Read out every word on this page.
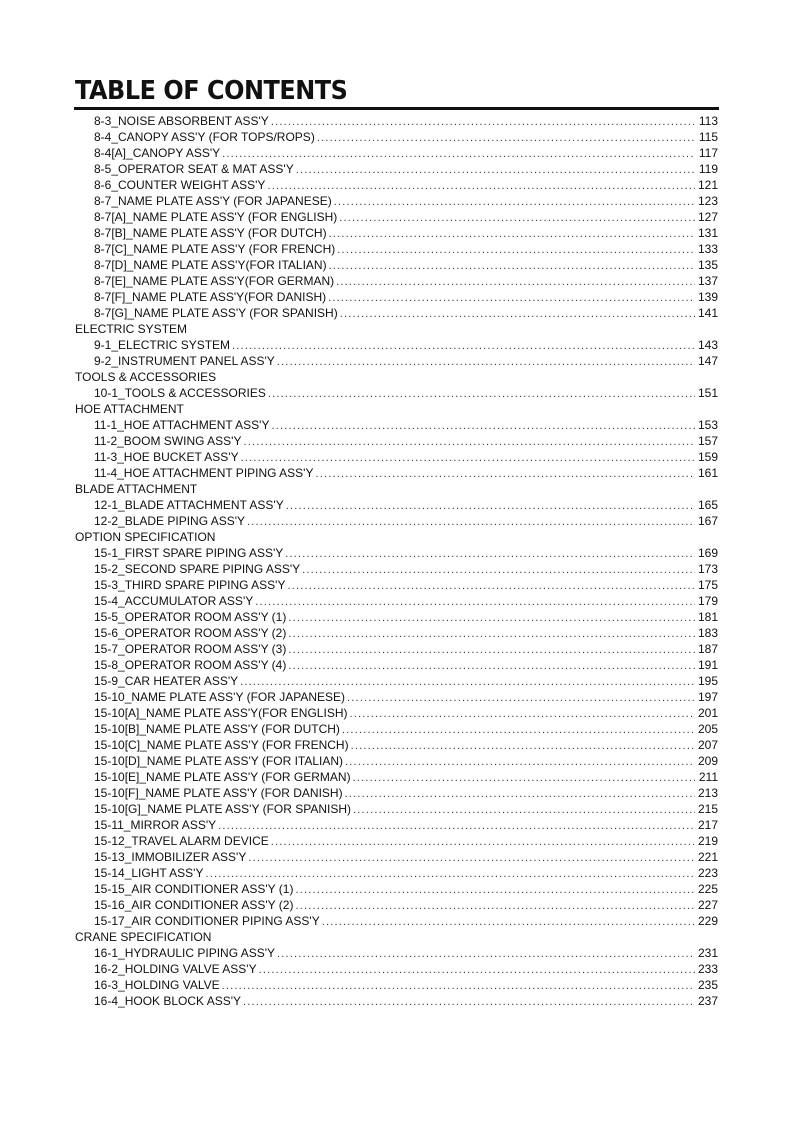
TABLE OF CONTENTS
8-3_NOISE ABSORBENT ASS'Y .....	113
8-4_CANOPY ASS'Y (FOR TOPS/ROPS) .....	115
8-4[A]_CANOPY ASS'Y .....	117
8-5_OPERATOR SEAT & MAT ASS'Y .....	119
8-6_COUNTER WEIGHT ASS'Y .....	121
8-7_NAME PLATE ASS'Y (FOR JAPANESE) .....	123
8-7[A]_NAME PLATE ASS'Y (FOR ENGLISH) .....	127
8-7[B]_NAME PLATE ASS'Y (FOR DUTCH) .....	131
8-7[C]_NAME PLATE ASS'Y (FOR FRENCH) .....	133
8-7[D]_NAME PLATE ASS'Y(FOR ITALIAN) .....	135
8-7[E]_NAME PLATE ASS'Y(FOR GERMAN) .....	137
8-7[F]_NAME PLATE ASS'Y(FOR DANISH) .....	139
8-7[G]_NAME PLATE ASS'Y (FOR SPANISH) .....	141
ELECTRIC SYSTEM
9-1_ELECTRIC SYSTEM .....	143
9-2_INSTRUMENT PANEL ASS'Y .....	147
TOOLS & ACCESSORIES
10-1_TOOLS & ACCESSORIES .....	151
HOE ATTACHMENT
11-1_HOE ATTACHMENT ASS'Y .....	153
11-2_BOOM SWING ASS'Y .....	157
11-3_HOE BUCKET ASS'Y .....	159
11-4_HOE ATTACHMENT PIPING ASS'Y .....	161
BLADE ATTACHMENT
12-1_BLADE ATTACHMENT ASS'Y .....	165
12-2_BLADE PIPING ASS'Y .....	167
OPTION SPECIFICATION
15-1_FIRST SPARE PIPING ASS'Y .....	169
15-2_SECOND SPARE PIPING ASS'Y .....	173
15-3_THIRD SPARE PIPING ASS'Y .....	175
15-4_ACCUMULATOR ASS'Y .....	179
15-5_OPERATOR ROOM ASS'Y (1) .....	181
15-6_OPERATOR ROOM ASS'Y (2) .....	183
15-7_OPERATOR ROOM ASS'Y (3) .....	187
15-8_OPERATOR ROOM ASS'Y (4) .....	191
15-9_CAR HEATER ASS'Y .....	195
15-10_NAME PLATE ASS'Y (FOR JAPANESE) .....	197
15-10[A]_NAME PLATE ASS'Y(FOR ENGLISH) .....	201
15-10[B]_NAME PLATE ASS'Y (FOR DUTCH) .....	205
15-10[C]_NAME PLATE ASS'Y (FOR FRENCH) .....	207
15-10[D]_NAME PLATE ASS'Y (FOR ITALIAN) .....	209
15-10[E]_NAME PLATE ASS'Y (FOR GERMAN) .....	211
15-10[F]_NAME PLATE ASS'Y (FOR DANISH) .....	213
15-10[G]_NAME PLATE ASS'Y (FOR SPANISH) .....	215
15-11_MIRROR ASS'Y .....	217
15-12_TRAVEL ALARM DEVICE .....	219
15-13_IMMOBILIZER ASS'Y .....	221
15-14_LIGHT ASS'Y .....	223
15-15_AIR CONDITIONER ASS'Y (1) .....	225
15-16_AIR CONDITIONER ASS'Y (2) .....	227
15-17_AIR CONDITIONER PIPING ASS'Y .....	229
CRANE SPECIFICATION
16-1_HYDRAULIC PIPING ASS'Y .....	231
16-2_HOLDING VALVE ASS'Y .....	233
16-3_HOLDING VALVE .....	235
16-4_HOOK BLOCK ASS'Y .....	237
